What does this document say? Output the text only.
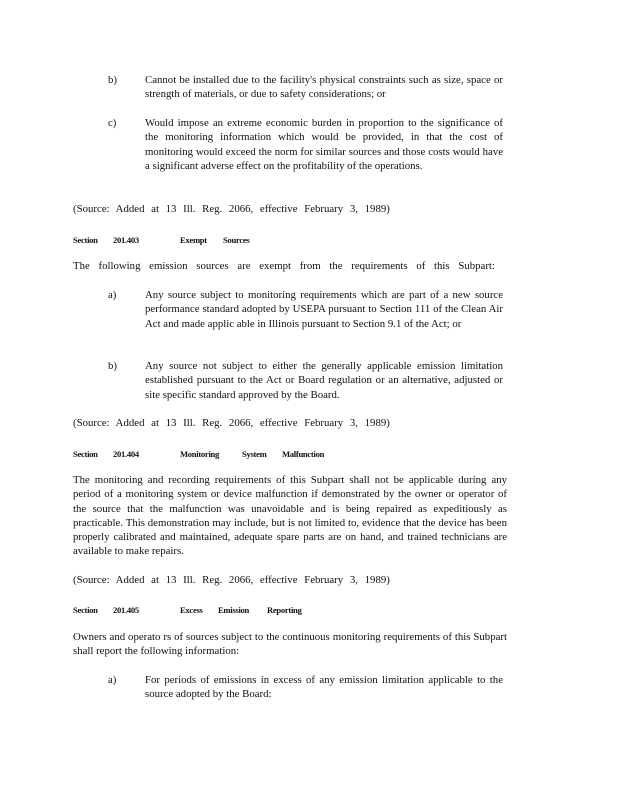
b)	Cannot be installed due to the facility's physical constraints such as size, space or strength of materials, or due to safety considerations; or
c)	Would impose an extreme economic burden in proportion to the significance of the monitoring information which would be provided, in that the cost of monitoring would exceed the norm for similar sources and those costs would have a significant adverse effect on the profitability of the operations.
(Source: Added at 13 Ill. Reg. 2066, effective February 3, 1989)
Section 201.403	Exempt Sources
The following emission sources are exempt from the requirements of this Subpart:
a)	Any source subject to monitoring requirements which are part of a new source performance standard adopted by USEPA pursuant to Section 111 of the Clean Air Act and made applic able in Illinois pursuant to Section 9.1 of the Act; or
b)	Any source not subject to either the generally applicable emission limitation established pursuant to the Act or Board regulation or an alternative, adjusted or site specific standard approved by the Board.
(Source: Added at 13 Ill. Reg. 2066, effective February 3, 1989)
Section 201.404	Monitoring	System Malfunction
The monitoring and recording requirements of this Subpart shall not be applicable during any period of a monitoring system or device malfunction if demonstrated by the owner or operator of the source that the malfunction was unavoidable and is being repaired as expeditiously as practicable. This demonstration may include, but is not limited to, evidence that the device has been properly calibrated and maintained, adequate spare parts are on hand, and trained technicians are available to make repairs.
(Source: Added at 13 Ill. Reg. 2066, effective February 3, 1989)
Section 201.405	Excess Emission Reporting
Owners and operato rs of sources subject to the continuous monitoring requirements of this Subpart shall report the following information:
a)	For periods of emissions in excess of any emission limitation applicable to the source adopted by the Board:
